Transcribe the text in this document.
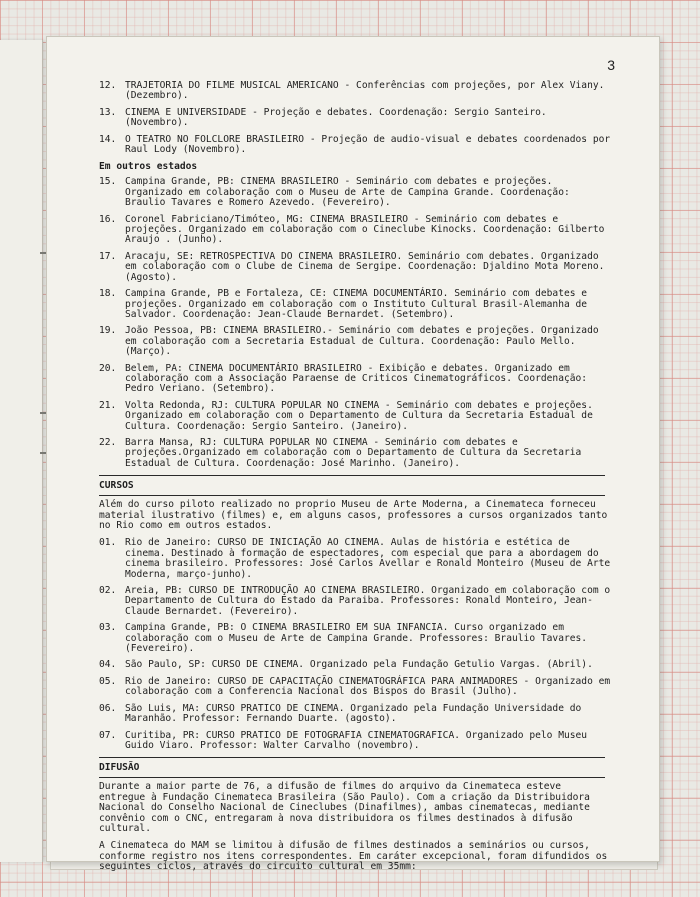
3
12. TRAJETORIA DO FILME MUSICAL AMERICANO - Conferências com projeções, por Alex Viany. (Dezembro).
13. CINEMA E UNIVERSIDADE - Projeção e debates. Coordenação: Sergio Santeiro. (Novembro).
14. O TEATRO NO FOLCLORE BRASILEIRO - Projeção de audio-visual e debates coordenados por Raul Lody (Novembro).
Em outros estados
15. Campina Grande, PB: CINEMA BRASILEIRO - Seminário com debates e projeções. Organizado em colaboração com o Museu de Arte de Campina Grande. Coordenação: Braulio Tavares e Romero Azevedo. (Fevereiro).
16. Coronel Fabriciano/Timóteo, MG: CINEMA BRASILEIRO - Seminário com debates e projeções. Organizado em colaboração com o Cineclube Kinocks. Coordenação: Gilberto Araujo . (Junho).
17. Aracaju, SE: RETROSPECTIVA DO CINEMA BRASILEIRO. Seminário com debates. Organizado em colaboração com o Clube de Cinema de Sergipe. Coordenação: Djaldino Mota Moreno. (Agosto).
18. Campina Grande, PB e Fortaleza, CE: CINEMA DOCUMENTÁRIO. Seminário com debates e projeções. Organizado em colaboração com o Instituto Cultural Brasil-Alemanha de Salvador. Coordenação: Jean-Claude Bernardet. (Setembro).
19. João Pessoa, PB: CINEMA BRASILEIRO.- Seminário com debates e projeções. Organizado em colaboração com a Secretaria Estadual de Cultura. Coordenação: Paulo Mello. (Março).
20. Belem, PA: CINEMA DOCUMENTÁRIO BRASILEIRO - Exibição e debates. Organizado em colaboração com a Associação Paraense de Criticos Cinematográficos. Coordenação: Pedro Veriano. (Setembro).
21. Volta Redonda, RJ: CULTURA POPULAR NO CINEMA - Seminário com debates e projeções. Organizado em colaboração com o Departamento de Cultura da Secretaria Estadual de Cultura. Coordenação: Sergio Santeiro. (Janeiro).
22. Barra Mansa, RJ: CULTURA POPULAR NO CINEMA - Seminário com debates e projeções.Organizado em colaboração com o Departamento de Cultura da Secretaria Estadual de Cultura. Coordenação: José Marinho. (Janeiro).
CURSOS
Além do curso piloto realizado no proprio Museu de Arte Moderna, a Cinemateca forneceu material ilustrativo (filmes) e, em alguns casos, professores a cursos organizados tanto no Rio como em outros estados.
01. Rio de Janeiro: CURSO DE INICIAÇÃO AO CINEMA. Aulas de história e estética de cinema. Destinado à formação de espectadores, com especial que para a abordagem do cinema brasileiro. Professores: José Carlos Avellar e Ronald Monteiro (Museu de Arte Moderna, março-junho).
02. Areia, PB: CURSO DE INTRODUÇÃO AO CINEMA BRASILEIRO. Organizado em colaboração com o Departamento de Cultura do Estado da Paraiba. Professores: Ronald Monteiro, Jean-Claude Bernardet. (Fevereiro).
03. Campina Grande, PB: O CINEMA BRASILEIRO EM SUA INFANCIA. Curso organizado em colaboração com o Museu de Arte de Campina Grande. Professores: Braulio Tavares. (Fevereiro).
04. São Paulo, SP: CURSO DE CINEMA. Organizado pela Fundação Getulio Vargas. (Abril).
05. Rio de Janeiro: CURSO DE CAPACITAÇÃO CINEMATOGRÁFICA PARA ANIMADORES - Organizado em colaboração com a Conferencia Nacional dos Bispos do Brasil (Julho).
06. São Luis, MA: CURSO PRATICO DE CINEMA. Organizado pela Fundação Universidade do Maranhão. Professor: Fernando Duarte. (agosto).
07. Curitiba, PR: CURSO PRATICO DE FOTOGRAFIA CINEMATOGRAFICA. Organizado pelo Museu Guido Viaro. Professor: Walter Carvalho (novembro).
DIFUSÃO
Durante a maior parte de 76, a difusão de filmes do arquivo da Cinemateca esteve entregue à Fundação Cinemateca Brasileira (São Paulo). Com a criação da Distribuidora Nacional do Conselho Nacional de Cineclubes (Dinafilmes), ambas cinematecas, mediante convênio com o CNC, entregaram à nova distribuidora os filmes destinados à difusão cultural.
A Cinemateca do MAM se limitou à difusão de filmes destinados a seminários ou cursos, conforme registro nos itens correspondentes. Em caráter excepcional, foram difundidos os seguintes ciclos, através do circuito cultural em 35mm:
